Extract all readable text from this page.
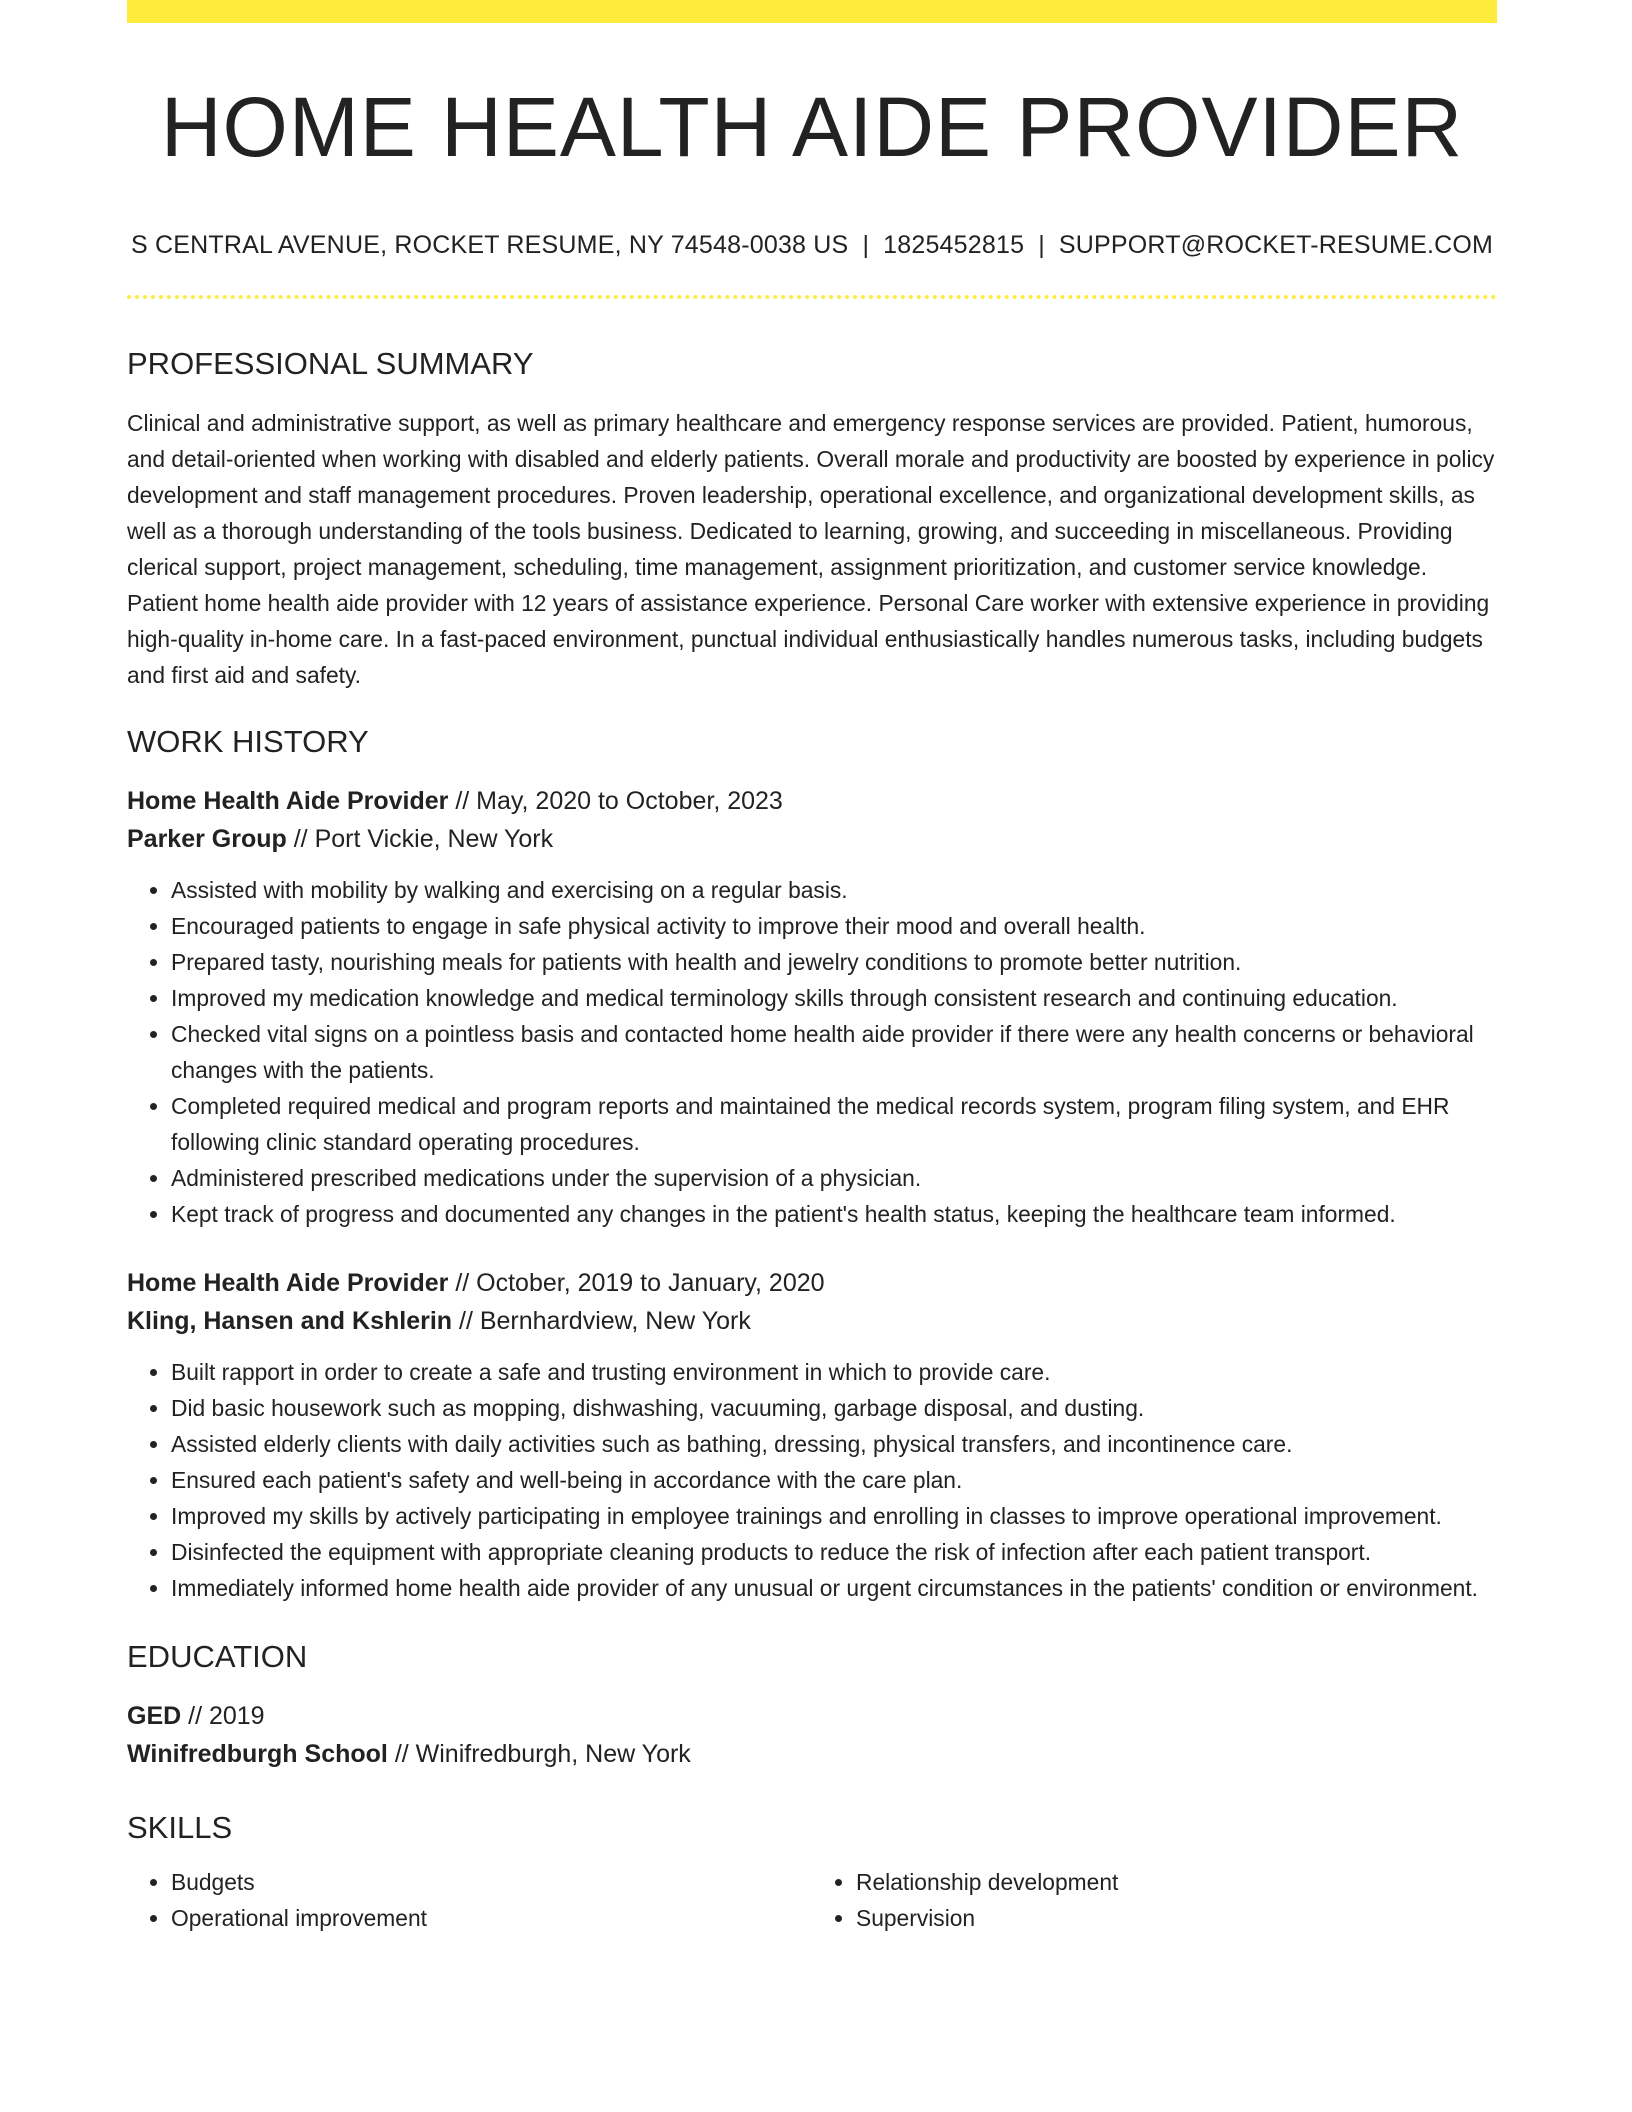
HOME HEALTH AIDE PROVIDER
S CENTRAL AVENUE, ROCKET RESUME, NY 74548-0038 US | 1825452815 | SUPPORT@ROCKET-RESUME.COM
PROFESSIONAL SUMMARY

Clinical and administrative support, as well as primary healthcare and emergency response services are provided. Patient, humorous, and detail-oriented when working with disabled and elderly patients. Overall morale and productivity are boosted by experience in policy development and staff management procedures. Proven leadership, operational excellence, and organizational development skills, as well as a thorough understanding of the tools business. Dedicated to learning, growing, and succeeding in miscellaneous. Providing clerical support, project management, scheduling, time management, assignment prioritization, and customer service knowledge. Patient home health aide provider with 12 years of assistance experience. Personal Care worker with extensive experience in providing high-quality in-home care. In a fast-paced environment, punctual individual enthusiastically handles numerous tasks, including budgets and first aid and safety.

WORK HISTORY
Home Health Aide Provider // May, 2020 to October, 2023
Parker Group // Port Vickie, New York
• Assisted with mobility by walking and exercising on a regular basis.
• Encouraged patients to engage in safe physical activity to improve their mood and overall health.
• Prepared tasty, nourishing meals for patients with health and jewelry conditions to promote better nutrition.
• Improved my medication knowledge and medical terminology skills through consistent research and continuing education.
• Checked vital signs on a pointless basis and contacted home health aide provider if there were any health concerns or behavioral changes with the patients.
• Completed required medical and program reports and maintained the medical records system, program filing system, and EHR following clinic standard operating procedures.
• Administered prescribed medications under the supervision of a physician.
• Kept track of progress and documented any changes in the patient's health status, keeping the healthcare team informed.
Home Health Aide Provider // October, 2019 to January, 2020
Kling, Hansen and Kshlerin // Bernhardview, New York
• Built rapport in order to create a safe and trusting environment in which to provide care.
• Did basic housework such as mopping, dishwashing, vacuuming, garbage disposal, and dusting.
• Assisted elderly clients with daily activities such as bathing, dressing, physical transfers, and incontinence care.
• Ensured each patient's safety and well-being in accordance with the care plan.
• Improved my skills by actively participating in employee trainings and enrolling in classes to improve operational improvement.
• Disinfected the equipment with appropriate cleaning products to reduce the risk of infection after each patient transport.
• Immediately informed home health aide provider of any unusual or urgent circumstances in the patients' condition or environment.
EDUCATION
GED // 2019
Winifredburgh School // Winifredburgh, New York
SKILLS
• Budgets
• Operational improvement
• Relationship development
• Supervision
